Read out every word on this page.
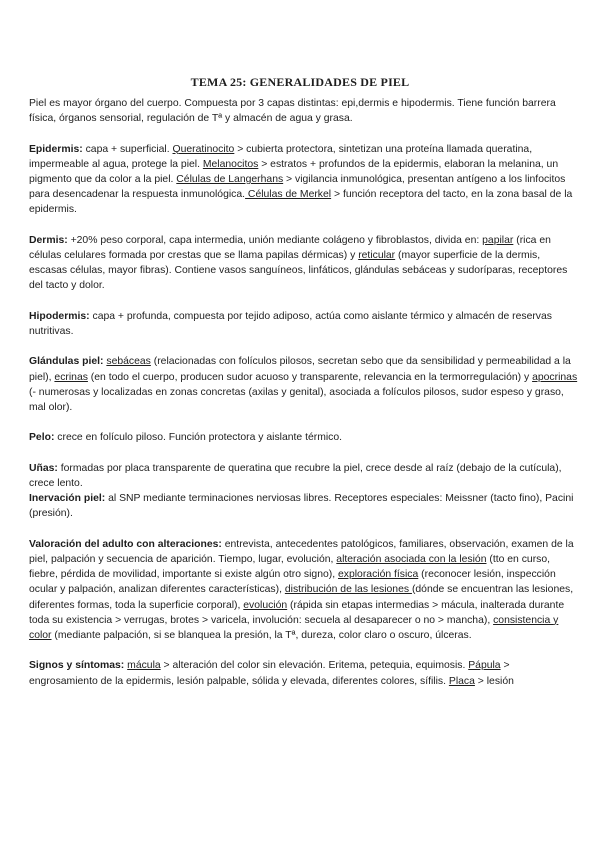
TEMA 25: GENERALIDADES DE PIEL

Piel es mayor órgano del cuerpo. Compuesta por 3 capas distintas: epi,dermis e hipodermis. Tiene función barrera física, órganos sensorial, regulación de Tª y almacén de agua y grasa.

Epidermis: capa + superficial. Queratinocito > cubierta protectora, sintetizan una proteína llamada queratina, impermeable al agua, protege la piel. Melanocitos > estratos + profundos de la epidermis, elaboran la melanina, un pigmento que da color a la piel. Células de Langerhans > vigilancia inmunológica, presentan antígeno a los linfocitos para desencadenar la respuesta inmunológica. Células de Merkel > función receptora del tacto, en la zona basal de la epidermis.

Dermis: +20% peso corporal, capa intermedia, unión mediante colágeno y fibroblastos, divida en: papilar (rica en células celulares formada por crestas que se llama papilas dérmicas) y reticular (mayor superficie de la dermis, escasas células, mayor fibras). Contiene vasos sanguíneos, linfáticos, glándulas sebáceas y sudoríparas, receptores del tacto y dolor.

Hipodermis: capa + profunda, compuesta por tejido adiposo, actúa como aislante térmico y almacén de reservas nutritivas.

Glándulas piel: sebáceas (relacionadas con folículos pilosos, secretan sebo que da sensibilidad y permeabilidad a la piel), ecrinas (en todo el cuerpo, producen sudor acuoso y transparente, relevancia en la termorregulación) y apocrinas (- numerosas y localizadas en zonas concretas (axilas y genital), asociada a folículos pilosos, sudor espeso y graso, mal olor).

Pelo: crece en folículo piloso. Función protectora y aislante térmico.

Uñas: formadas por placa transparente de queratina que recubre la piel, crece desde al raíz (debajo de la cutícula), crece lento.

Inervación piel: al SNP mediante terminaciones nerviosas libres. Receptores especiales: Meissner (tacto fino), Pacini (presión).

Valoración del adulto con alteraciones: entrevista, antecedentes patológicos, familiares, observación, examen de la piel, palpación y secuencia de aparición. Tiempo, lugar, evolución, alteración asociada con la lesión (tto en curso, fiebre, pérdida de movilidad, importante si existe algún otro signo), exploración física (reconocer lesión, inspección ocular y palpación, analizan diferentes características), distribución de las lesiones (dónde se encuentran las lesiones, diferentes formas, toda la superficie corporal), evolución (rápida sin etapas intermedias > mácula, inalterada durante toda su existencia > verrugas, brotes > varicela, involución: secuela al desaparecer o no > mancha), consistencia y color (mediante palpación, si se blanquea la presión, la Tª, dureza, color claro o oscuro, úlceras.

Signos y síntomas: mácula > alteración del color sin elevación. Eritema, petequia, equimosis. Pápula > engrosamiento de la epidermis, lesión palpable, sólida y elevada, diferentes colores, sífilis. Placa > lesión
